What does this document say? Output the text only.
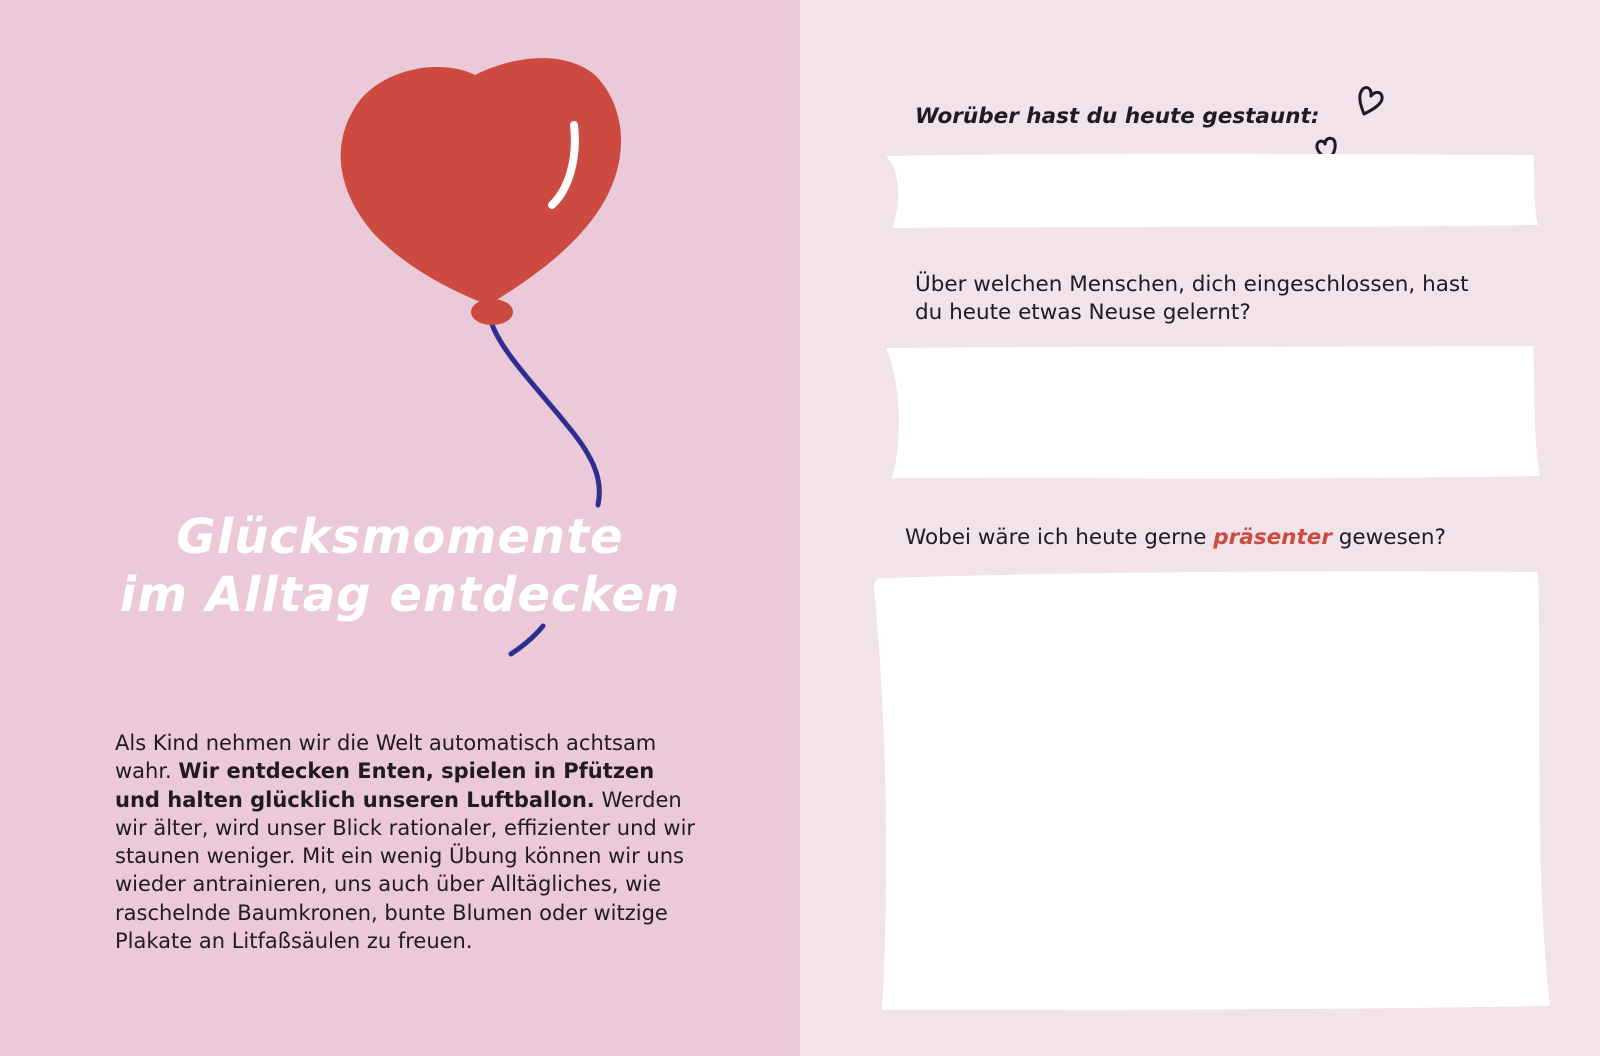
Glücksmomente
im Alltag entdecken

Als Kind nehmen wir die Welt automatisch achtsam wahr. Wir entdecken Enten, spielen in Pfützen und halten glücklich unseren Luftballon. Werden wir älter, wird unser Blick rationaler, effizienter und wir staunen weniger. Mit ein wenig Übung können wir uns wieder antrainieren, uns auch über Alltägliches, wie raschelnde Baumkronen, bunte Blumen oder witzige Plakate an Litfaßsäulen zu freuen.

Worüber hast du heute gestaunt:
Über welchen Menschen, dich eingeschlossen, hast du heute etwas Neuse gelernt?
Wobei wäre ich heute gerne präsenter gewesen?
